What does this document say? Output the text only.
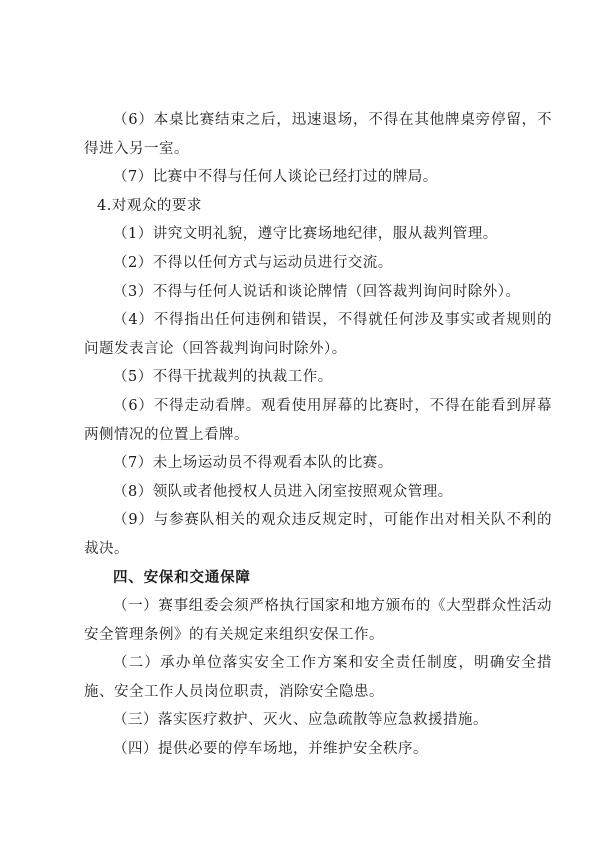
（6）本桌比赛结束之后，迅速退场，不得在其他牌桌旁停留，不得进入另一室。

（7）比赛中不得与任何人谈论已经打过的牌局。

4.对观众的要求

（1）讲究文明礼貌，遵守比赛场地纪律，服从裁判管理。

（2）不得以任何方式与运动员进行交流。

（3）不得与任何人说话和谈论牌情（回答裁判询问时除外）。

（4）不得指出任何违例和错误，不得就任何涉及事实或者规则的问题发表言论（回答裁判询问时除外）。

（5）不得干扰裁判的执裁工作。

（6）不得走动看牌。观看使用屏幕的比赛时，不得在能看到屏幕两侧情况的位置上看牌。

（7）未上场运动员不得观看本队的比赛。

（8）领队或者他授权人员进入闭室按照观众管理。

（9）与参赛队相关的观众违反规定时，可能作出对相关队不利的裁决。

四、安保和交通保障

（一）赛事组委会须严格执行国家和地方颁布的《大型群众性活动安全管理条例》的有关规定来组织安保工作。

（二）承办单位落实安全工作方案和安全责任制度，明确安全措施、安全工作人员岗位职责，消除安全隐患。

（三）落实医疗救护、灭火、应急疏散等应急救援措施。

（四）提供必要的停车场地，并维护安全秩序。
